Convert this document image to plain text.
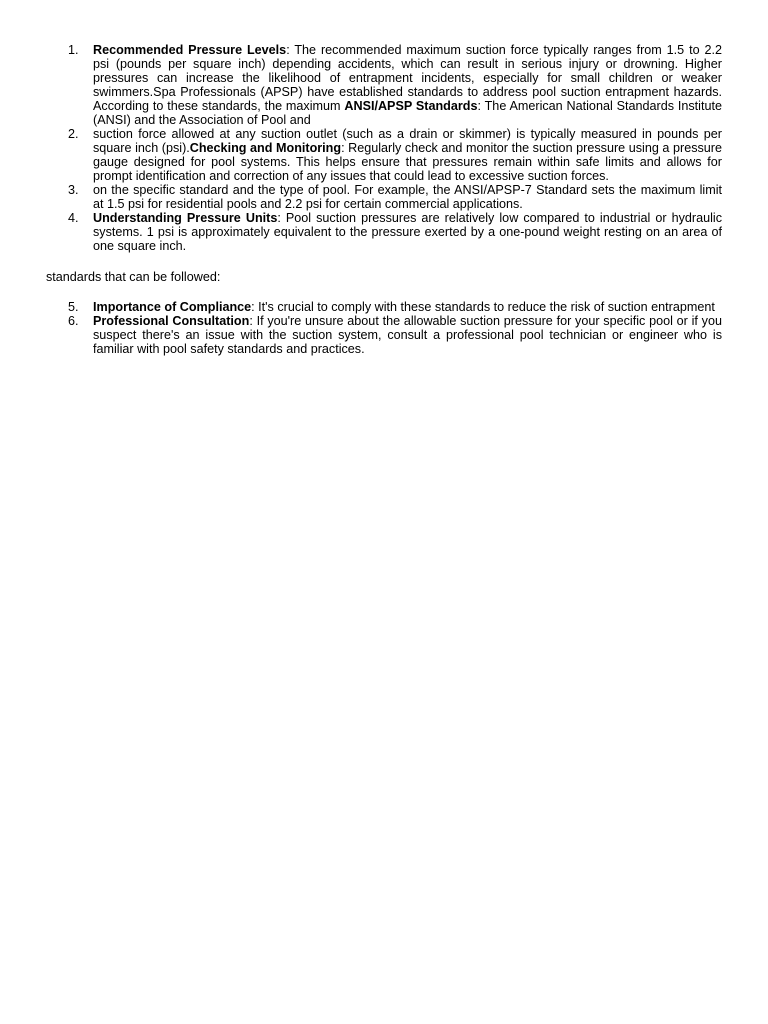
1. Recommended Pressure Levels: The recommended maximum suction force typically ranges from 1.5 to 2.2 psi (pounds per square inch) depending accidents, which can result in serious injury or drowning. Higher pressures can increase the likelihood of entrapment incidents, especially for small children or weaker swimmers.Spa Professionals (APSP) have established standards to address pool suction entrapment hazards. According to these standards, the maximum ANSI/APSP Standards: The American National Standards Institute (ANSI) and the Association of Pool and
2. suction force allowed at any suction outlet (such as a drain or skimmer) is typically measured in pounds per square inch (psi).Checking and Monitoring: Regularly check and monitor the suction pressure using a pressure gauge designed for pool systems. This helps ensure that pressures remain within safe limits and allows for prompt identification and correction of any issues that could lead to excessive suction forces.
3. on the specific standard and the type of pool. For example, the ANSI/APSP-7 Standard sets the maximum limit at 1.5 psi for residential pools and 2.2 psi for certain commercial applications.
4. Understanding Pressure Units: Pool suction pressures are relatively low compared to industrial or hydraulic systems. 1 psi is approximately equivalent to the pressure exerted by a one-pound weight resting on an area of one square inch.

standards that can be followed:

5. Importance of Compliance: It's crucial to comply with these standards to reduce the risk of suction entrapment
6. Professional Consultation: If you're unsure about the allowable suction pressure for your specific pool or if you suspect there's an issue with the suction system, consult a professional pool technician or engineer who is familiar with pool safety standards and practices.
